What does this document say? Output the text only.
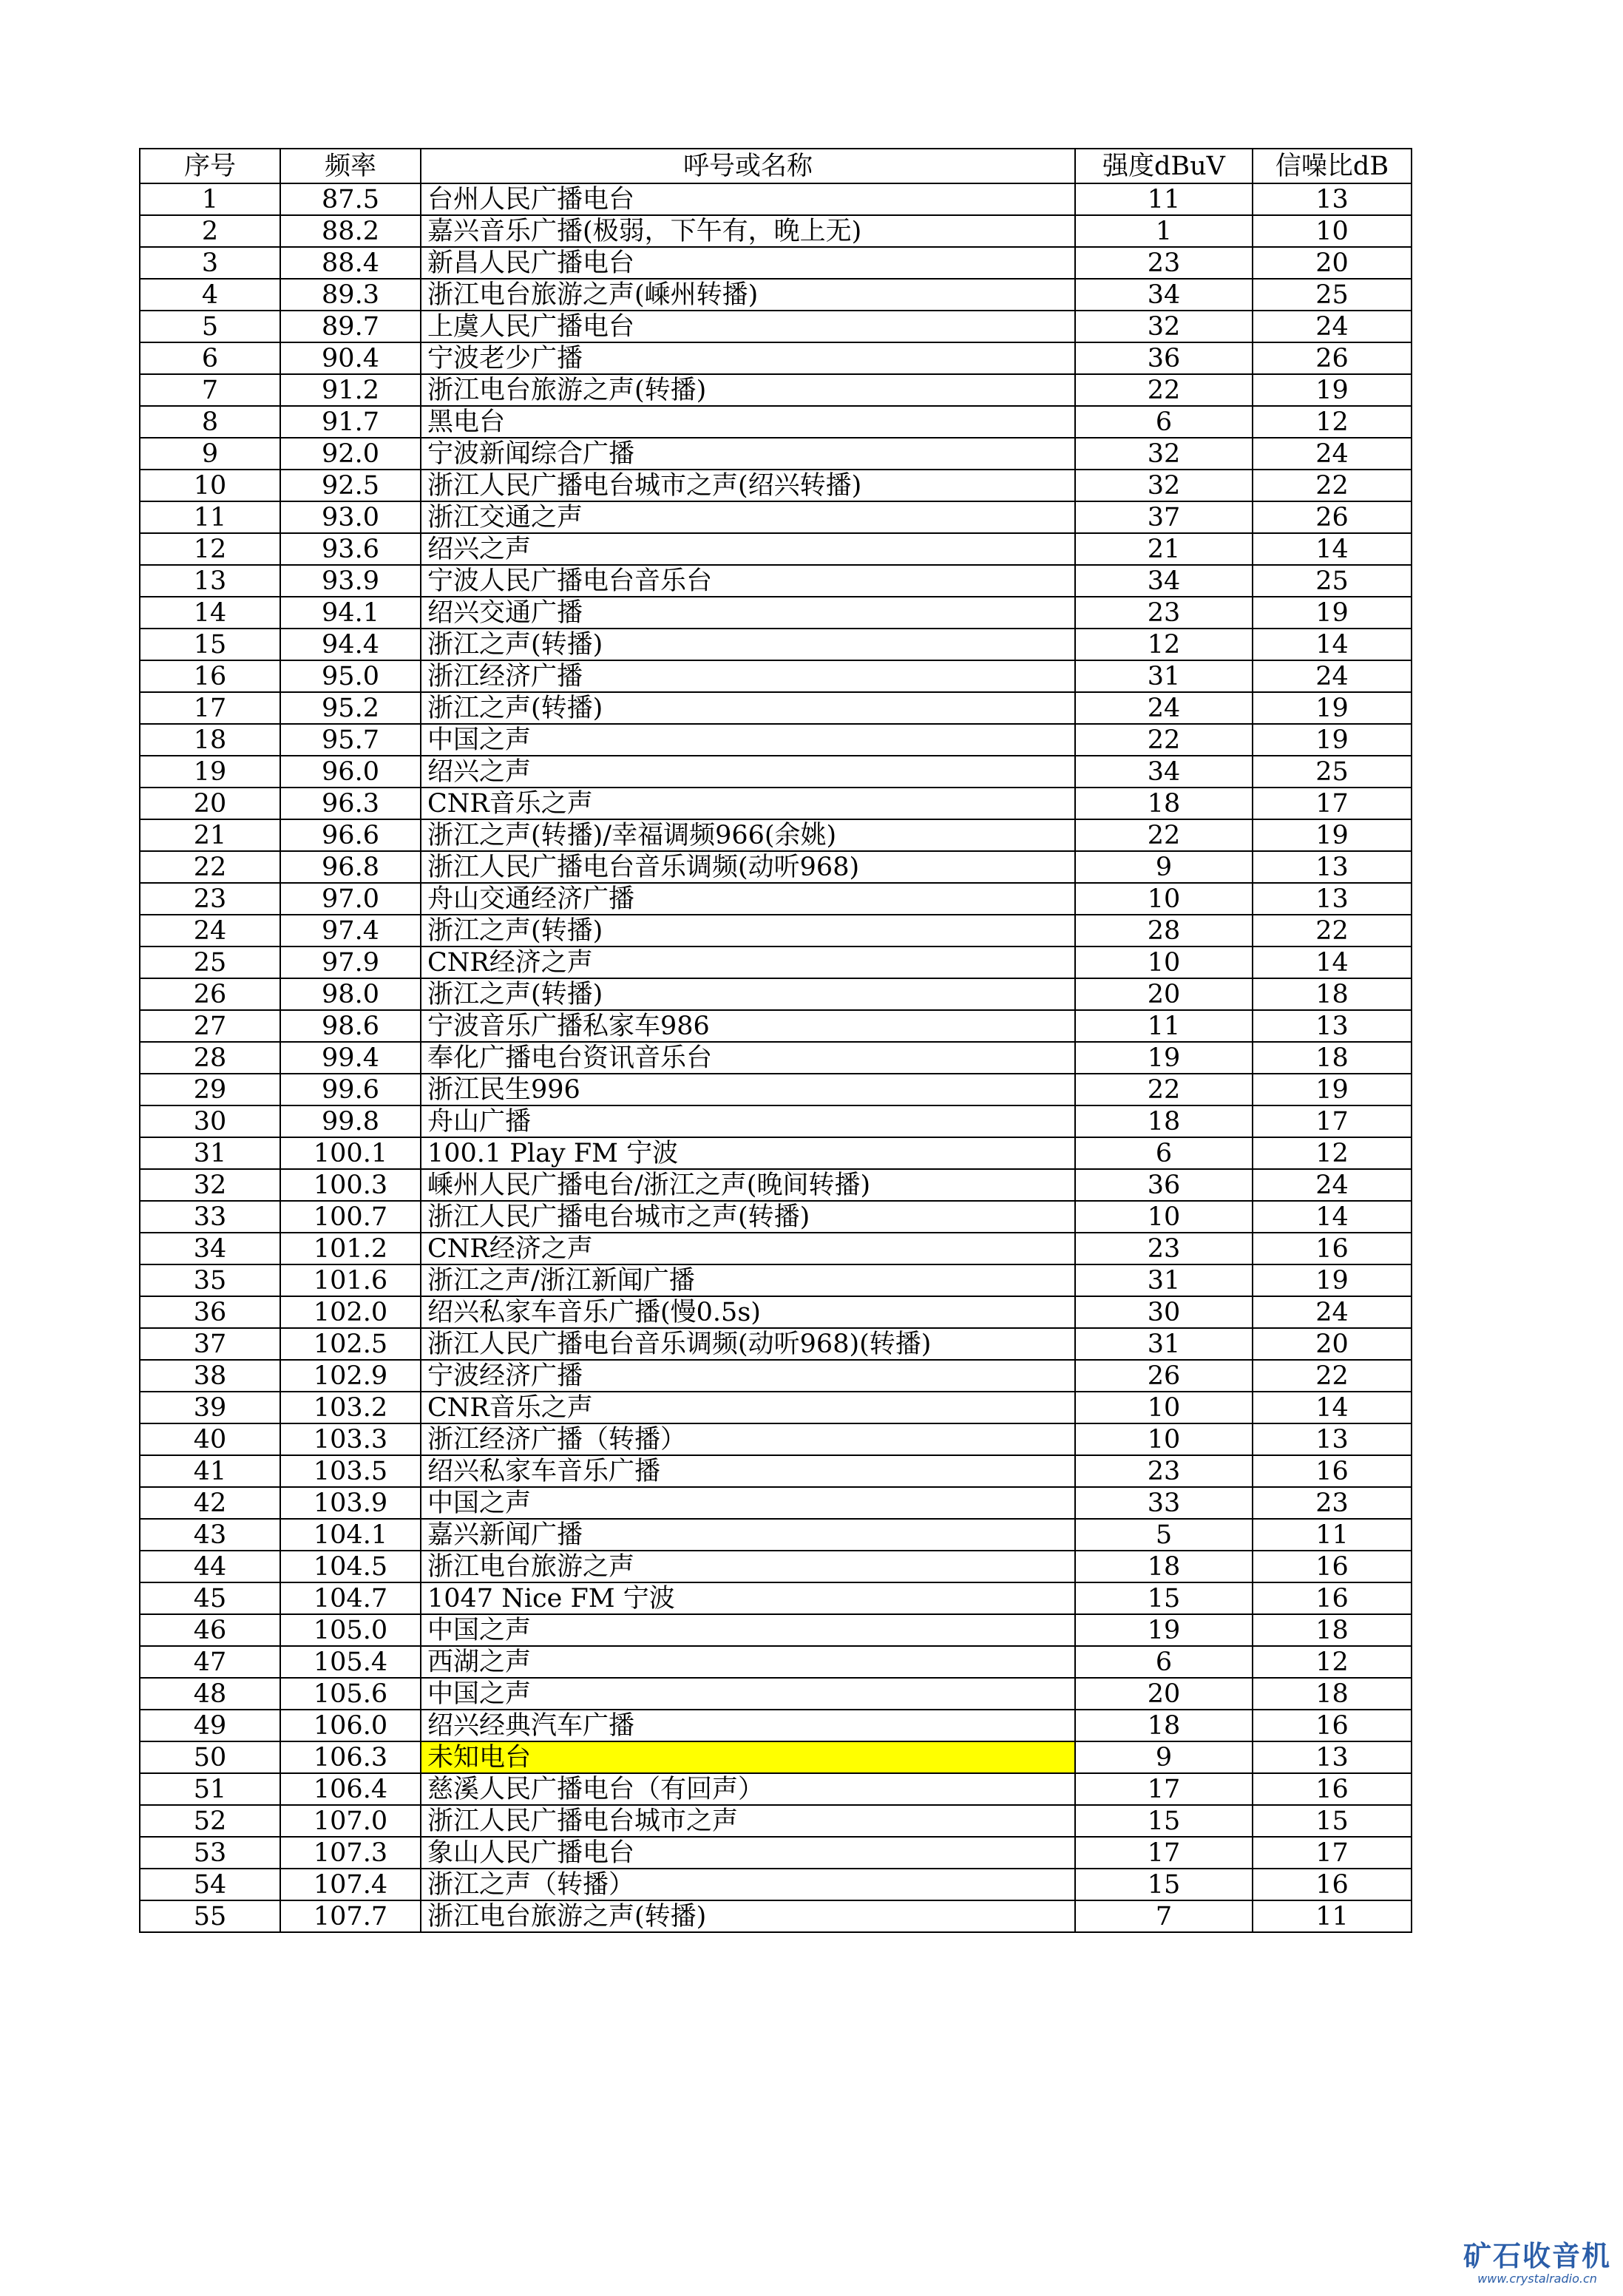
序号	频率	呼号或名称	强度dBuV	信噪比dB
1	87.5	台州人民广播电台	11	13
2	88.2	嘉兴音乐广播(极弱，下午有，晚上无)	1	10
3	88.4	新昌人民广播电台	23	20
4	89.3	浙江电台旅游之声(嵊州转播)	34	25
5	89.7	上虞人民广播电台	32	24
6	90.4	宁波老少广播	36	26
7	91.2	浙江电台旅游之声(转播)	22	19
8	91.7	黑电台	6	12
9	92.0	宁波新闻综合广播	32	24
10	92.5	浙江人民广播电台城市之声(绍兴转播)	32	22
11	93.0	浙江交通之声	37	26
12	93.6	绍兴之声	21	14
13	93.9	宁波人民广播电台音乐台	34	25
14	94.1	绍兴交通广播	23	19
15	94.4	浙江之声(转播)	12	14
16	95.0	浙江经济广播	31	24
17	95.2	浙江之声(转播)	24	19
18	95.7	中国之声	22	19
19	96.0	绍兴之声	34	25
20	96.3	CNR音乐之声	18	17
21	96.6	浙江之声(转播)/幸福调频966(余姚)	22	19
22	96.8	浙江人民广播电台音乐调频(动听968)	9	13
23	97.0	舟山交通经济广播	10	13
24	97.4	浙江之声(转播)	28	22
25	97.9	CNR经济之声	10	14
26	98.0	浙江之声(转播)	20	18
27	98.6	宁波音乐广播私家车986	11	13
28	99.4	奉化广播电台资讯音乐台	19	18
29	99.6	浙江民生996	22	19
30	99.8	舟山广播	18	17
31	100.1	100.1 Play FM 宁波	6	12
32	100.3	嵊州人民广播电台/浙江之声(晚间转播)	36	24
33	100.7	浙江人民广播电台城市之声(转播)	10	14
34	101.2	CNR经济之声	23	16
35	101.6	浙江之声/浙江新闻广播	31	19
36	102.0	绍兴私家车音乐广播(慢0.5s)	30	24
37	102.5	浙江人民广播电台音乐调频(动听968)(转播)	31	20
38	102.9	宁波经济广播	26	22
39	103.2	CNR音乐之声	10	14
40	103.3	浙江经济广播（转播）	10	13
41	103.5	绍兴私家车音乐广播	23	16
42	103.9	中国之声	33	23
43	104.1	嘉兴新闻广播	5	11
44	104.5	浙江电台旅游之声	18	16
45	104.7	1047 Nice FM 宁波	15	16
46	105.0	中国之声	19	18
47	105.4	西湖之声	6	12
48	105.6	中国之声	20	18
49	106.0	绍兴经典汽车广播	18	16
50	106.3	未知电台	9	13
51	106.4	慈溪人民广播电台（有回声）	17	16
52	107.0	浙江人民广播电台城市之声	15	15
53	107.3	象山人民广播电台	17	17
54	107.4	浙江之声（转播）	15	16
55	107.7	浙江电台旅游之声(转播)	7	11
矿石收音机
www.crystalradio.cn
